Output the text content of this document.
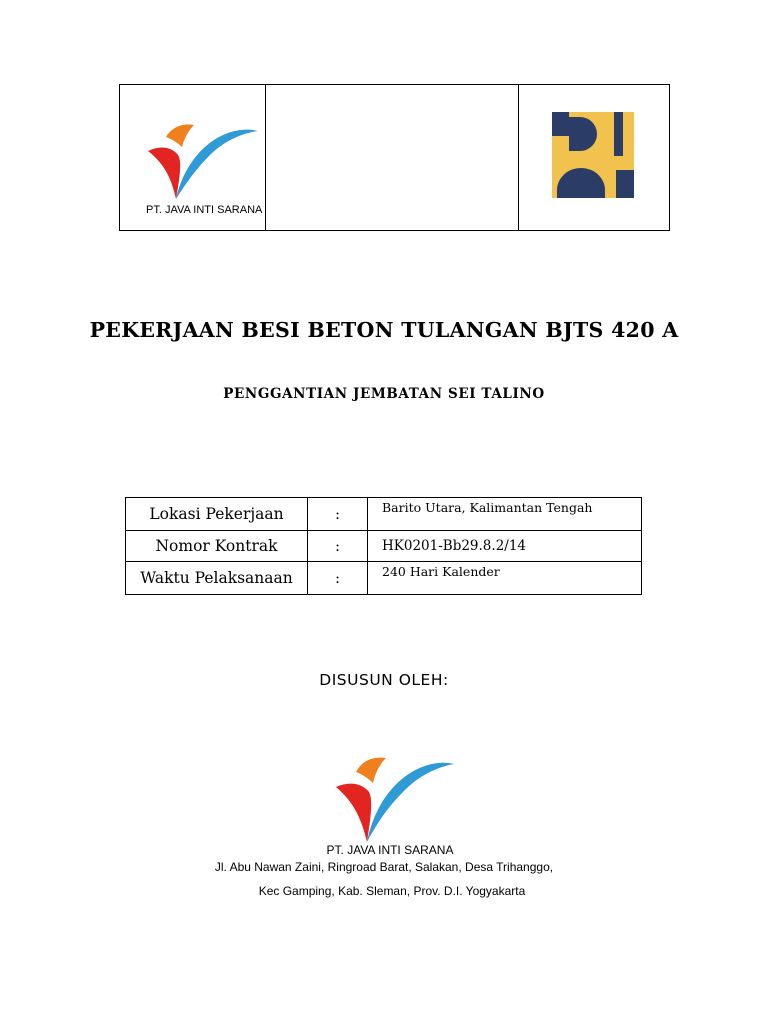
PT. JAVA INTI SARANA
PEKERJAAN BESI BETON TULANGAN BJTS 420 A
PENGGANTIAN JEMBATAN SEI TALINO
Lokasi Pekerjaan	:	Barito Utara, Kalimantan Tengah
Nomor Kontrak	:	HK0201-Bb29.8.2/14
Waktu Pelaksanaan	:	240 Hari Kalender
DISUSUN OLEH:
PT. JAVA INTI SARANA
Jl. Abu Nawan Zaini, Ringroad Barat, Salakan, Desa Trihanggo,
Kec Gamping, Kab. Sleman, Prov. D.I. Yogyakarta
